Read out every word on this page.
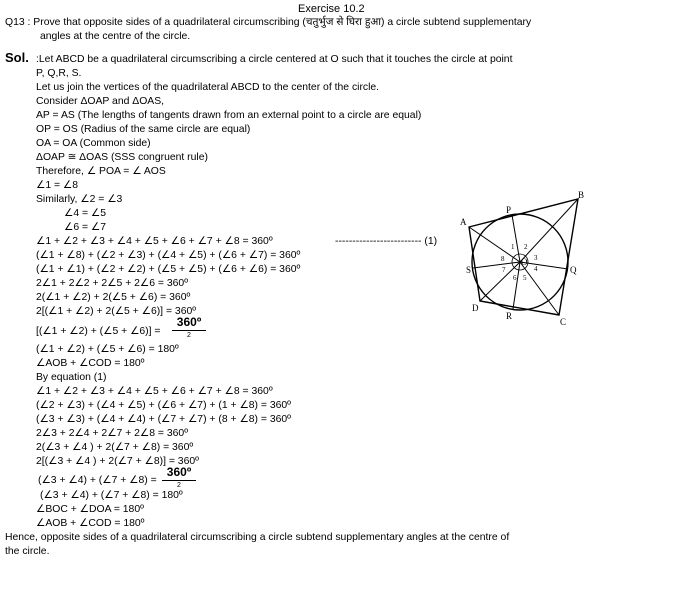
Exercise 10.2
Q13 : Prove that opposite sides of a quadrilateral circumscribing (चतुर्भुज से घिरा हुआ) a circle subtend supplementary
angles at the centre of the circle.
Sol. :Let ABCD be a quadrilateral circumscribing a circle centered at O such that it touches the circle at point
P, Q,R, S.
Let us join the vertices of the quadrilateral ABCD to the center of the circle.
Consider ΔOAP and ΔOAS,
AP = AS (The lengths of tangents drawn from an external point to a circle are equal)
OP = OS (Radius of the same circle are equal)
OA = OA (Common side)
ΔOAP ≅ ΔOAS (SSS congruent rule)
Therefore, ∠ POA = ∠ AOS
∠1 = ∠8
Similarly, ∠2 = ∠3
∠4 = ∠5
∠6 = ∠7
∠1 + ∠2 + ∠3 + ∠4 + ∠5 + ∠6 + ∠7 + ∠8 = 360º	------------------------- (1)
(∠1 + ∠8) + (∠2 + ∠3) + (∠4 + ∠5) + (∠6 + ∠7) = 360º
(∠1 + ∠1) + (∠2 + ∠2) + (∠5 + ∠5) + (∠6 + ∠6) = 360º
2∠1 + 2∠2 + 2∠5 + 2∠6 = 360º
2(∠1 + ∠2) + 2(∠5 + ∠6) = 360º
2[(∠1 + ∠2) + 2(∠5 + ∠6)] = 360º
[(∠1 + ∠2) + (∠5 + ∠6)] =
360º
2
(∠1 + ∠2) + (∠5 + ∠6) = 180º
∠AOB + ∠COD = 180º
By equation (1)
∠1 + ∠2 + ∠3 + ∠4 + ∠5 + ∠6 + ∠7 + ∠8 = 360º
(∠2 + ∠3) + (∠4 + ∠5) + (∠6 + ∠7) + (1 + ∠8) = 360º
(∠3 + ∠3) + (∠4 + ∠4) + (∠7 + ∠7) + (8 + ∠8) = 360º
2∠3 + 2∠4 + 2∠7 + 2∠8 = 360º
2(∠3 + ∠4 ) + 2(∠7 + ∠8) = 360º
2[(∠3 + ∠4 ) + 2(∠7 + ∠8)] = 360º
(∠3 + ∠4) + (∠7 + ∠8) =
360º
2
(∠3 + ∠4) + (∠7 + ∠8) = 180º
∠BOC + ∠DOA = 180º
∠AOB + ∠COD = 180º
Hence, opposite sides of a quadrilateral circumscribing a circle subtend supplementary angles at the centre of
the circle.
A
B
C
D
P
Q
R
S
O
1 2
3
4
5
6
7
8
